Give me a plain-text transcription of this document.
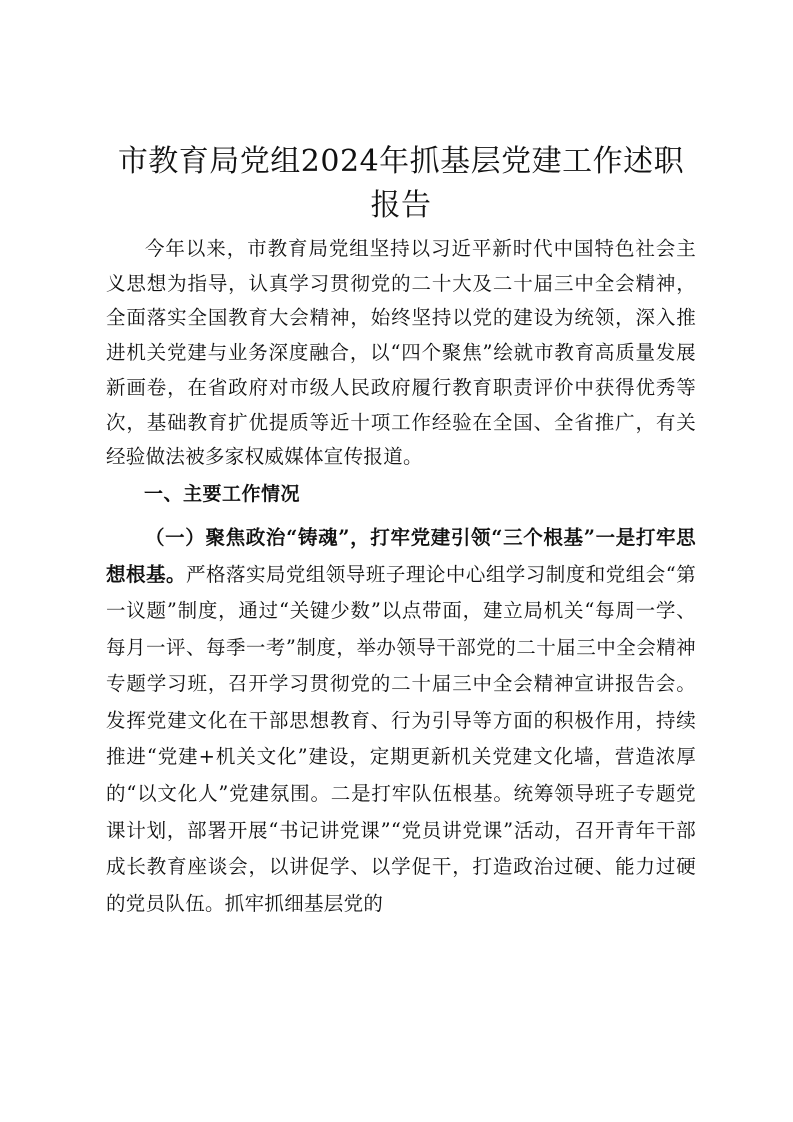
市教育局党组2024年抓基层党建工作述职报告

今年以来，市教育局党组坚持以习近平新时代中国特色社会主义思想为指导，认真学习贯彻党的二十大及二十届三中全会精神，全面落实全国教育大会精神，始终坚持以党的建设为统领，深入推进机关党建与业务深度融合，以“四个聚焦”绘就市教育高质量发展新画卷，在省政府对市级人民政府履行教育职责评价中获得优秀等次，基础教育扩优提质等近十项工作经验在全国、全省推广，有关经验做法被多家权威媒体宣传报道。

一、主要工作情况

（一）聚焦政治“铸魂”，打牢党建引领“三个根基”一是打牢思想根基。严格落实局党组领导班子理论中心组学习制度和党组会“第一议题”制度，通过“关键少数”以点带面，建立局机关“每周一学、每月一评、每季一考”制度，举办领导干部党的二十届三中全会精神专题学习班，召开学习贯彻党的二十届三中全会精神宣讲报告会。发挥党建文化在干部思想教育、行为引导等方面的积极作用，持续推进“党建+机关文化”建设，定期更新机关党建文化墙，营造浓厚的“以文化人”党建氛围。二是打牢队伍根基。统筹领导班子专题党课计划，部署开展“书记讲党课”“党员讲党课”活动，召开青年干部成长教育座谈会，以讲促学、以学促干，打造政治过硬、能力过硬的党员队伍。抓牢抓细基层党的
